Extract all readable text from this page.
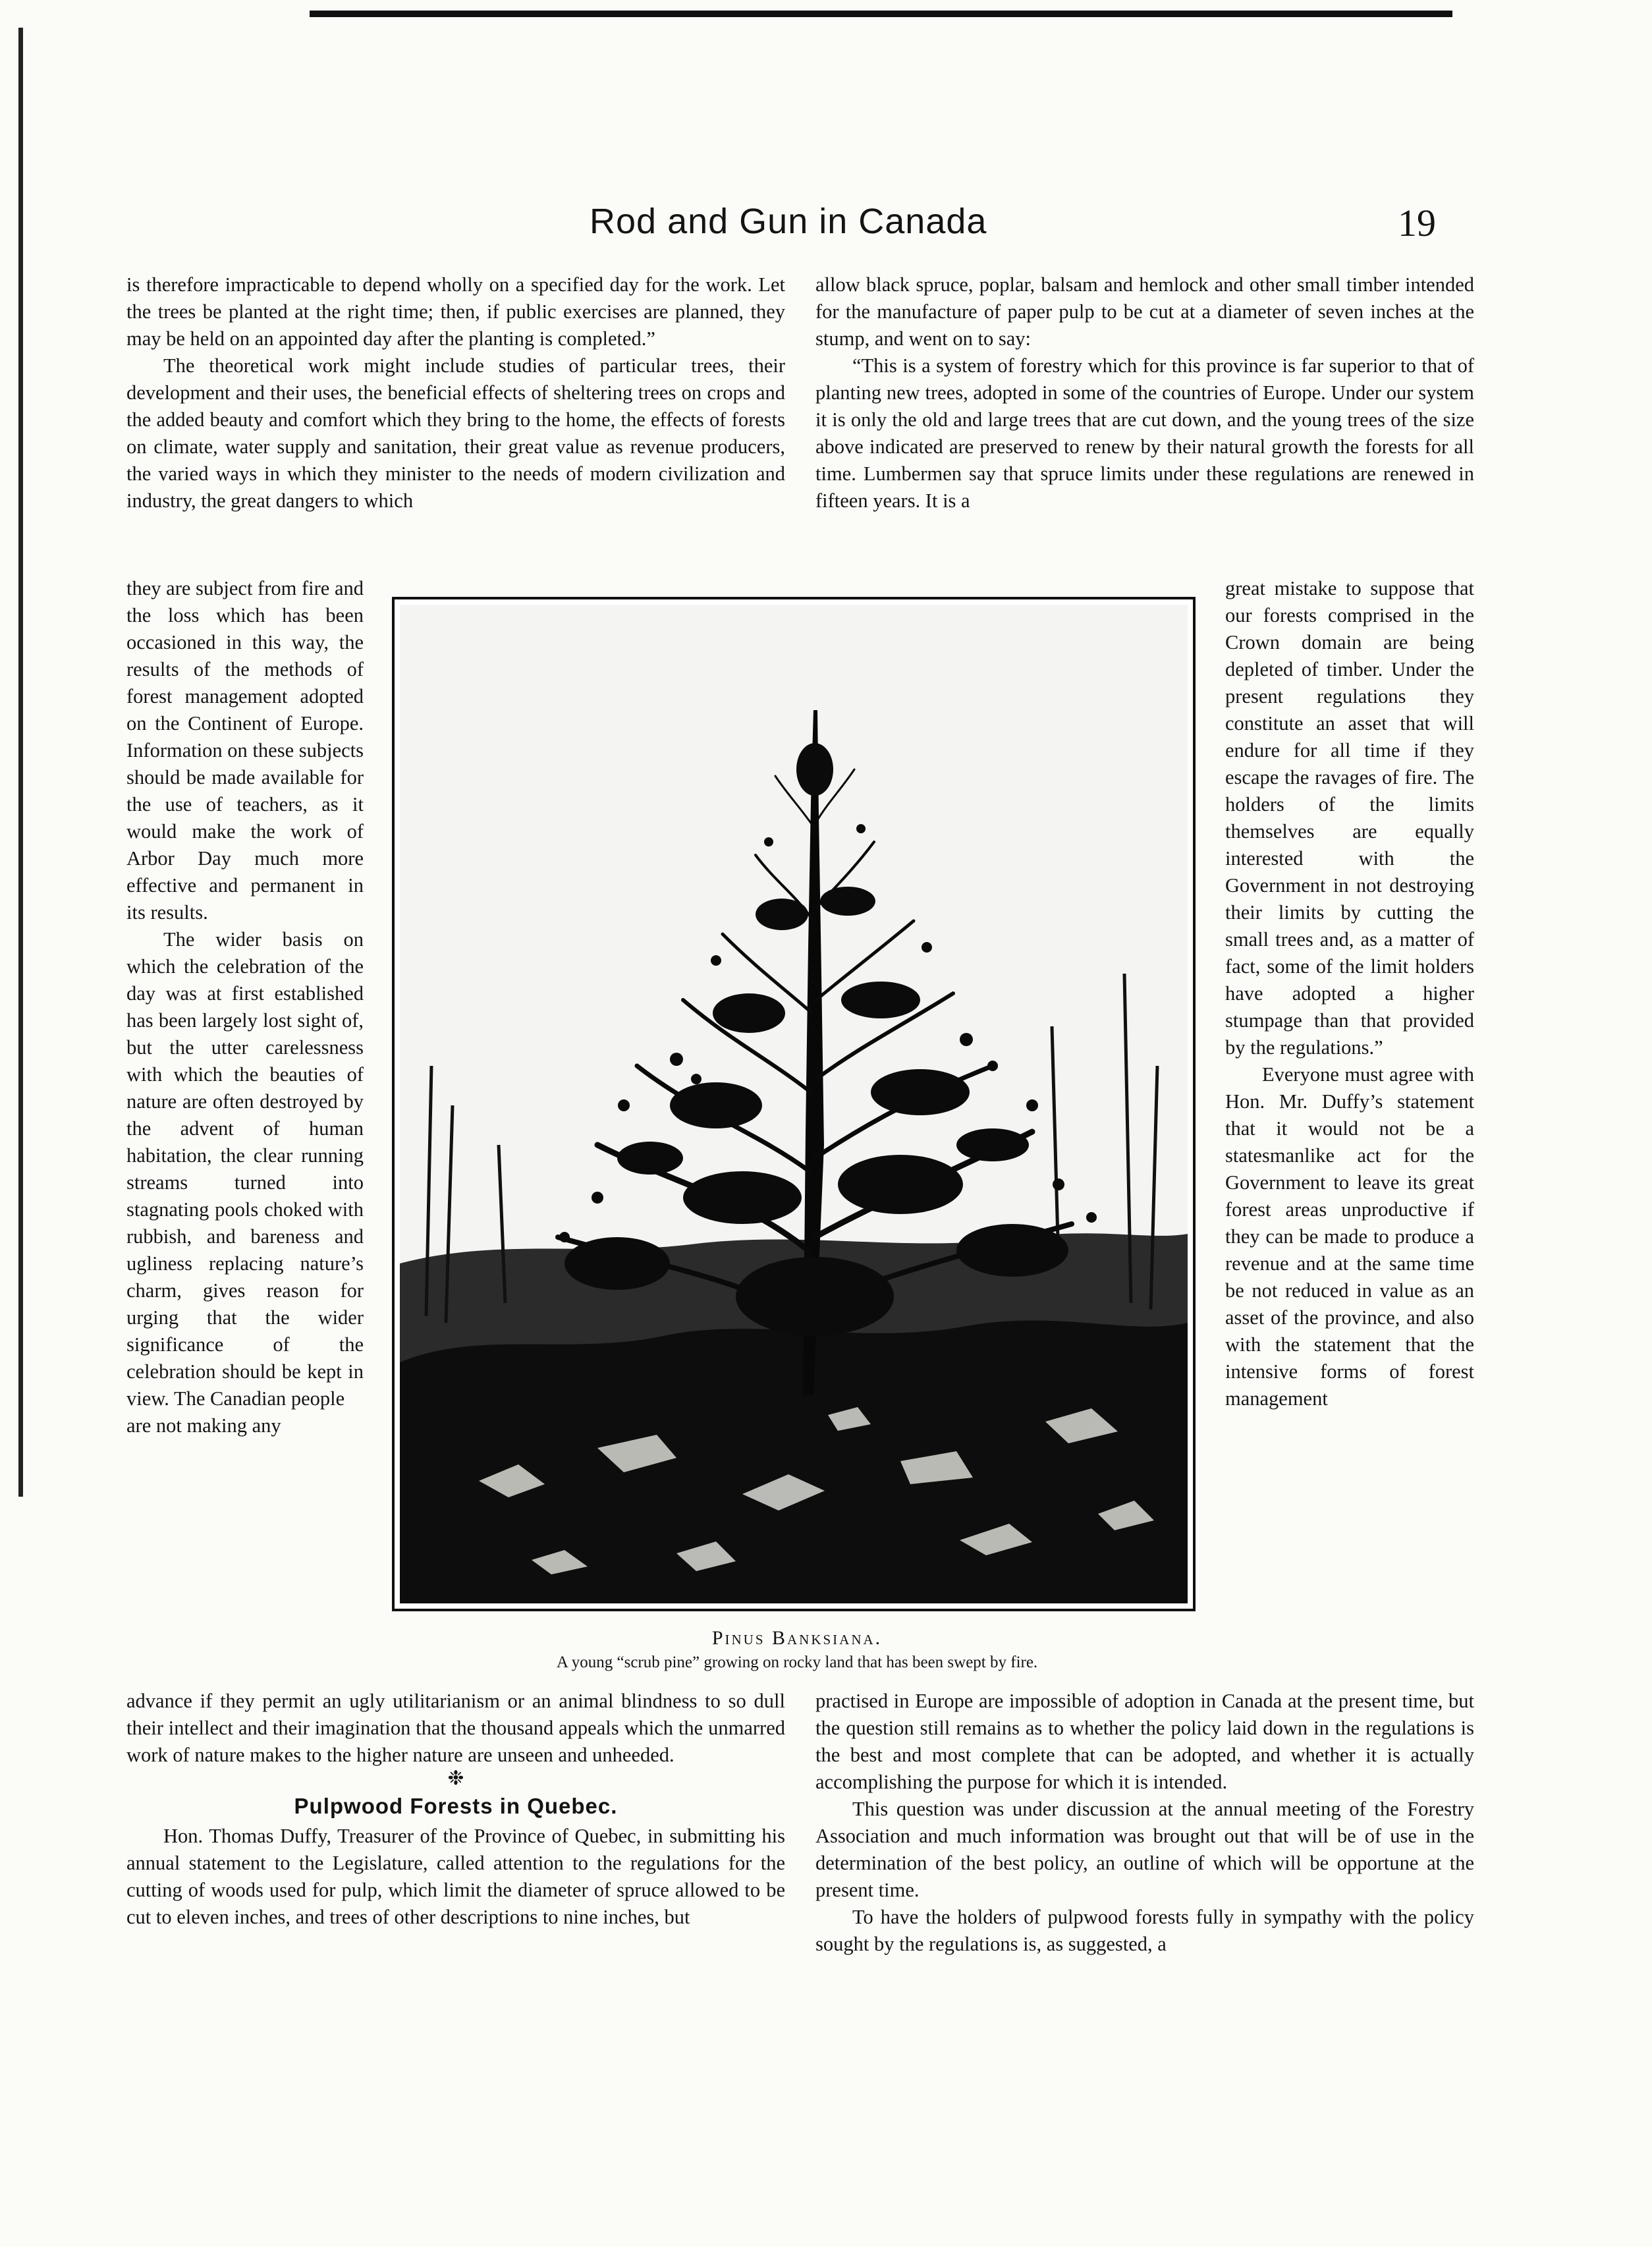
Rod and Gun in Canada	19

is therefore impracticable to depend wholly on a specified day for the work. Let the trees be planted at the right time; then, if public exercises are planned, they may be held on an appointed day after the planting is completed.”

The theoretical work might include studies of particular trees, their development and their uses, the beneficial effects of sheltering trees on crops and the added beauty and comfort which they bring to the home, the effects of forests on climate, water supply and sanitation, their great value as revenue producers, the varied ways in which they minister to the needs of modern civilization and industry, the great dangers to which

they are subject from fire and the loss which has been occasioned in this way, the results of the methods of forest management adopted on the Continent of Europe. Information on these subjects should be made available for the use of teachers, as it would make the work of Arbor Day much more effective and permanent in its results.

The wider basis on which the celebration of the day was at first established has been largely lost sight of, but the utter carelessness with which the beauties of nature are often destroyed by the advent of human habitation, the clear running streams turned into stagnating pools choked with rubbish, and bareness and ugliness replacing nature’s charm, gives reason for urging that the wider significance of the celebration should be kept in view. The Canadian people

are not making any

advance if they permit an ugly utilitarianism or an animal blindness to so dull their intellect and their imagination that the thousand appeals which the unmarred work of nature makes to the higher nature are unseen and unheeded.

❉
Pulpwood Forests in Quebec.

Hon. Thomas Duffy, Treasurer of the Province of Quebec, in submitting his annual statement to the Legislature, called attention to the regulations for the cutting of woods used for pulp, which limit the diameter of spruce allowed to be cut to eleven inches, and trees of other descriptions to nine inches, but

allow black spruce, poplar, balsam and hemlock and other small timber intended for the manufacture of paper pulp to be cut at a diameter of seven inches at the stump, and went on to say:

“This is a system of forestry which for this province is far superior to that of planting new trees, adopted in some of the countries of Europe. Under our system it is only the old and large trees that are cut down, and the young trees of the size above indicated are preserved to renew by their natural growth the forests for all time. Lumbermen say that spruce limits under these regulations are renewed in fifteen years. It is a

great mistake to suppose that our forests comprised in the Crown domain are being depleted of timber. Under the present regulations they constitute an asset that will endure for all time if they escape the ravages of fire. The holders of the limits themselves are equally interested with the Government in not destroying their limits by cutting the small trees and, as a matter of fact, some of the limit holders have adopted a higher stumpage than that provided by the regulations.”

Everyone must agree with Hon. Mr. Duffy’s statement that it would not be a statesmanlike act for the Government to leave its great forest areas unproductive if they can be made to produce a revenue and at the same time be not reduced in value as an asset of the province, and also with the statement that the intensive forms of forest management

practised in Europe are impossible of adoption in Canada at the present time, but the question still remains as to whether the policy laid down in the regulations is the best and most complete that can be adopted, and whether it is actually accomplishing the purpose for which it is intended.

This question was under discussion at the annual meeting of the Forestry Association and much information was brought out that will be of use in the determination of the best policy, an outline of which will be opportune at the present time.

To have the holders of pulpwood forests fully in sympathy with the policy sought by the regulations is, as suggested, a

Pinus Banksiana.
A young “scrub pine” growing on rocky land that has been swept by fire.
